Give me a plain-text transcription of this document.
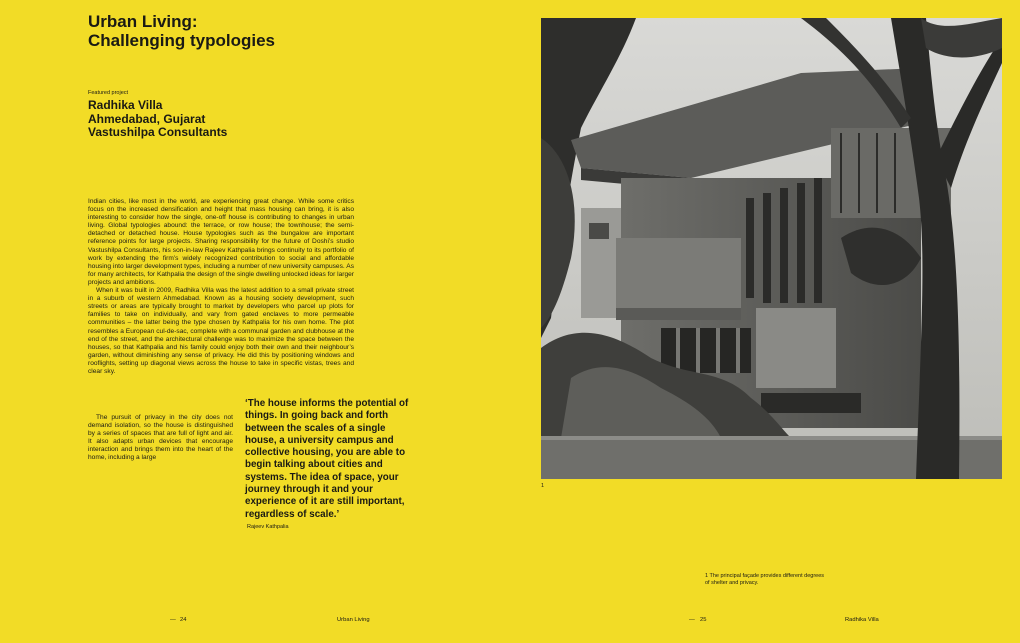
Urban Living:
Challenging typologies
Featured project
Radhika Villa
Ahmedabad, Gujarat
Vastushilpa Consultants

Indian cities, like most in the world, are experiencing great change. While some critics focus on the increased densification and height that mass housing can bring, it is also interesting to consider how the single, one-off house is contributing to changes in urban living. Global typologies abound: the terrace, or row house; the townhouse; the semi-detached or detached house. House typologies such as the bungalow are important reference points for large projects. Sharing responsibility for the future of Doshi’s studio Vastushilpa Consultants, his son-in-law Rajeev Kathpalia brings continuity to its portfolio of work by extending the firm’s widely recognized contribution to social and affordable housing into larger development types, including a number of new university campuses. As for many architects, for Kathpalia the design of the single dwelling unlocked ideas for larger projects and ambitions.

When it was built in 2009, Radhika Villa was the latest addition to a small private street in a suburb of western Ahmedabad. Known as a housing society development, such streets or areas are typically brought to market by developers who parcel up plots for families to take on individually, and vary from gated enclaves to more permeable communities – the latter being the type chosen by Kathpalia for his own home. The plot resembles a European cul-de-sac, complete with a communal garden and clubhouse at the end of the street, and the architectural challenge was to maximize the space between the houses, so that Kathpalia and his family could enjoy both their own and their neighbour’s garden, without diminishing any sense of privacy. He did this by positioning windows and rooflights, setting up diagonal views across the house to take in specific vistas, trees and clear sky.

The pursuit of privacy in the city does not demand isolation, so the house is distinguished by a series of spaces that are full of light and air. It also adapts urban devices that encourage interaction and brings them into the heart of the home, including a large

‘The house informs the potential of things. In going back and forth between the scales of a single house, a university campus and collective housing, you are able to begin talking about cities and systems. The idea of space, your journey through it and your experience of it are still important, regardless of scale.’
Rajeev Kathpalia
1
1 The principal façade provides different degrees of shelter and privacy.
— 24	Urban Living	— 25	Radhika Villa
